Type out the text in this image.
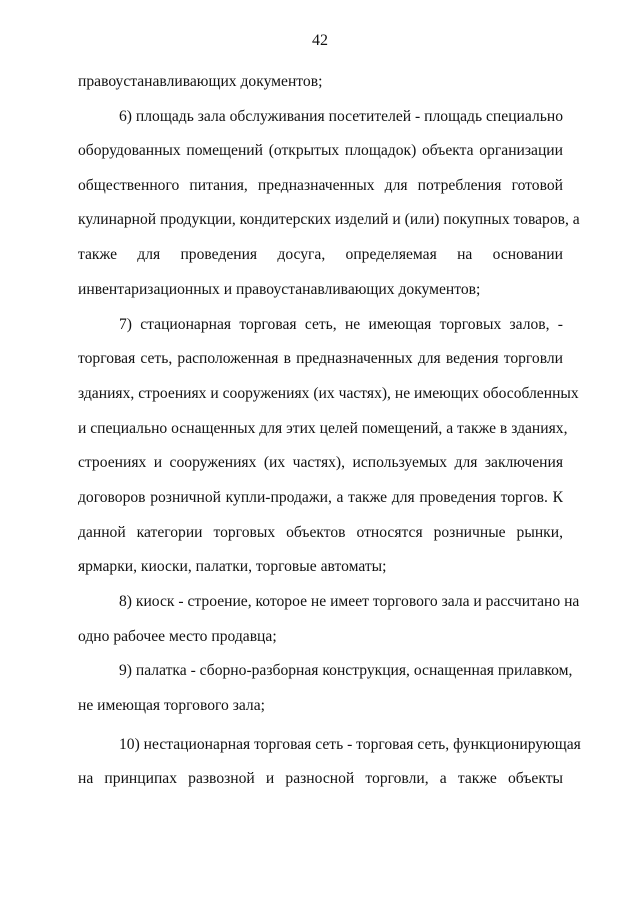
42
правоустанавливающих документов;
6) площадь зала обслуживания посетителей - площадь специально
оборудованных помещений (открытых площадок) объекта организации
общественного питания, предназначенных для потребления готовой
кулинарной продукции, кондитерских изделий и (или) покупных товаров, а
также для проведения досуга, определяемая на основании
инвентаризационных и правоустанавливающих документов;
7) стационарная торговая сеть, не имеющая торговых залов, -
торговая сеть, расположенная в предназначенных для ведения торговли
зданиях, строениях и сооружениях (их частях), не имеющих обособленных
и специально оснащенных для этих целей помещений, а также в зданиях,
строениях и сооружениях (их частях), используемых для заключения
договоров розничной купли-продажи, а также для проведения торгов. К
данной категории торговых объектов относятся розничные рынки,
ярмарки, киоски, палатки, торговые автоматы;
8) киоск - строение, которое не имеет торгового зала и рассчитано на
одно рабочее место продавца;
9) палатка - сборно-разборная конструкция, оснащенная прилавком,
не имеющая торгового зала;
10) нестационарная торговая сеть - торговая сеть, функционирующая
на принципах развозной и разносной торговли, а также объекты
